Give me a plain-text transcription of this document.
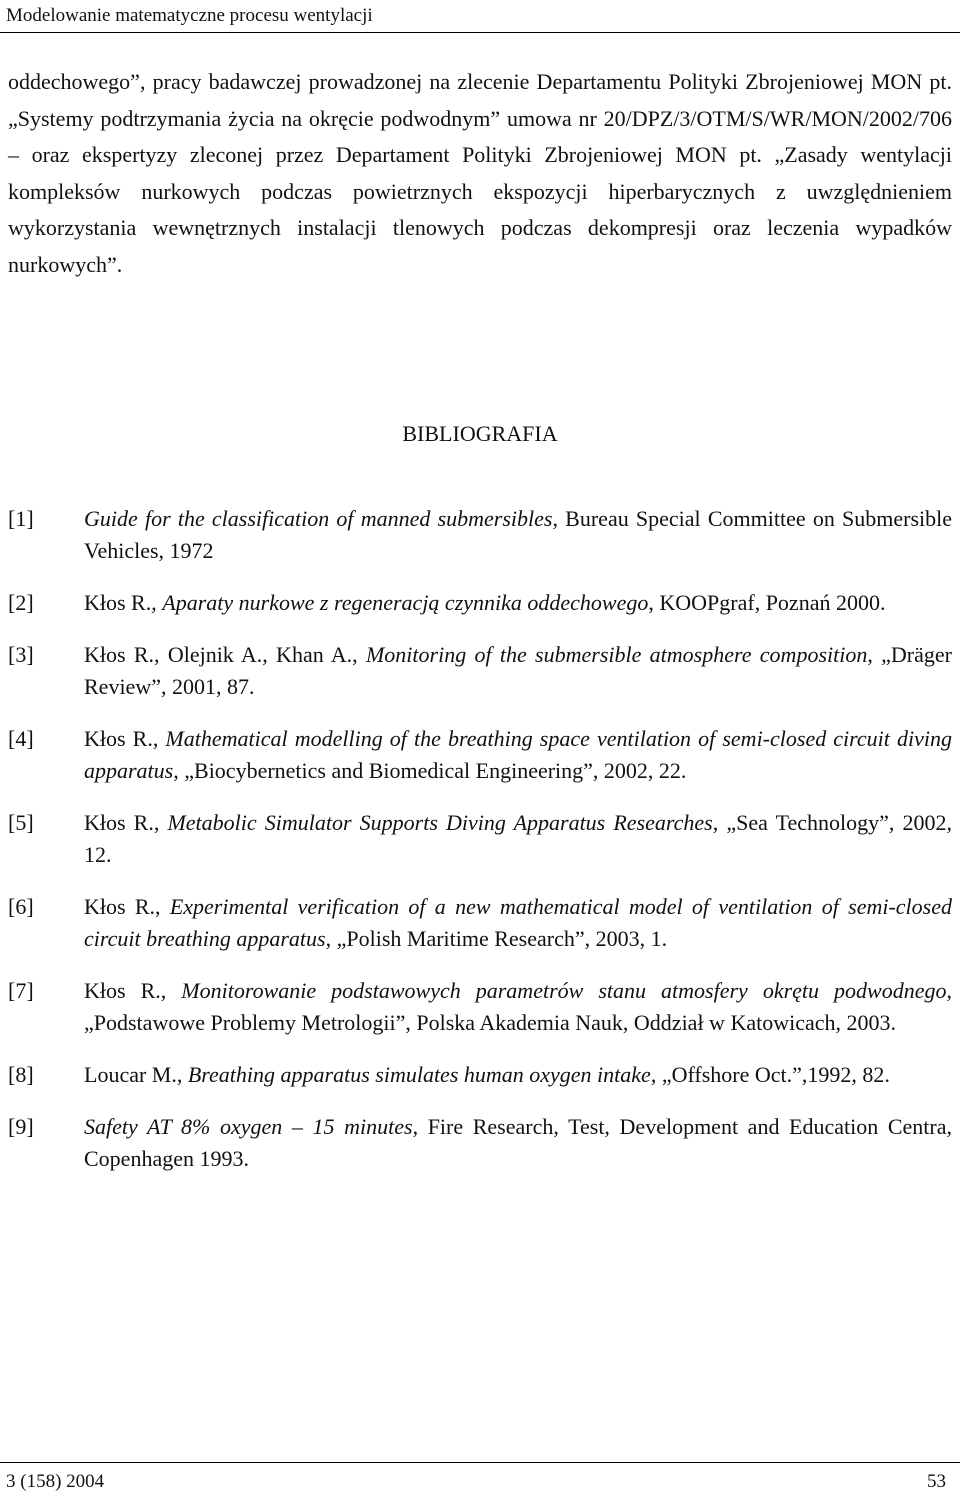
Modelowanie matematyczne procesu wentylacji

oddechowego”, pracy badawczej prowadzonej na zlecenie Departamentu Polityki Zbrojeniowej MON pt. „Systemy podtrzymania życia na okręcie podwodnym” umowa nr 20/DPZ/3/OTM/S/WR/MON/2002/706 – oraz ekspertyzy zleconej przez Departament Polityki Zbrojeniowej MON pt. „Zasady wentylacji kompleksów nurkowych podczas powietrznych ekspozycji hiperbarycznych z uwzględnieniem wykorzystania wewnętrznych instalacji tlenowych podczas dekompresji oraz leczenia wypadków nurkowych”.

BIBLIOGRAFIA
[1]	Guide for the classification of manned submersibles, Bureau Special Committee on Submersible Vehicles, 1972
[2]	Kłos R., Aparaty nurkowe z regeneracją czynnika oddechowego, KOOPgraf, Poznań 2000.
[3]	Kłos R., Olejnik A., Khan A., Monitoring of the submersible atmosphere composition, „Dräger Review”, 2001, 87.
[4]	Kłos R., Mathematical modelling of the breathing space ventilation of semi-closed circuit diving apparatus, „Biocybernetics and Biomedical Engineering”, 2002, 22.
[5]	Kłos R., Metabolic Simulator Supports Diving Apparatus Researches, „Sea Technology”, 2002, 12.
[6]	Kłos R., Experimental verification of a new mathematical model of ventilation of semi-closed circuit breathing apparatus, „Polish Maritime Research”, 2003, 1.
[7]	Kłos R., Monitorowanie podstawowych parametrów stanu atmosfery okrętu podwodnego, „Podstawowe Problemy Metrologii”, Polska Akademia Nauk, Oddział w Katowicach, 2003.
[8]	Loucar M., Breathing apparatus simulates human oxygen intake, „Offshore Oct.”,1992, 82.
[9]	Safety AT 8% oxygen – 15 minutes, Fire Research, Test, Development and Education Centra, Copenhagen 1993.
3 (158) 2004	53
